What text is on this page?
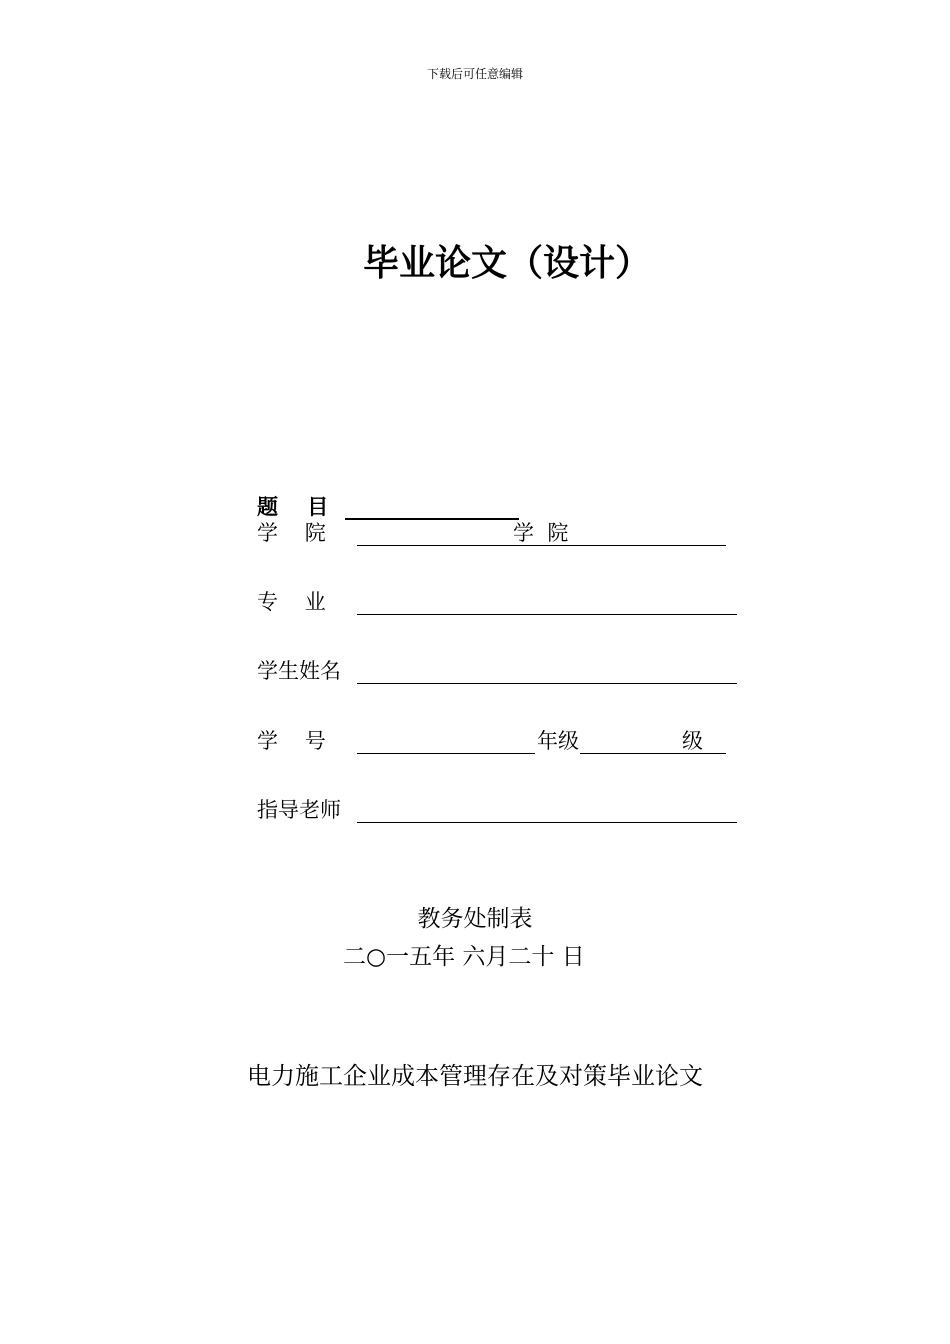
下载后可任意编辑
毕业论文（设计）
题    目
学    院	学  院
专    业
学生姓名
学    号	年级	级
指导老师
教务处制表
二○一五年 六月二十 日
电力施工企业成本管理存在及对策毕业论文
